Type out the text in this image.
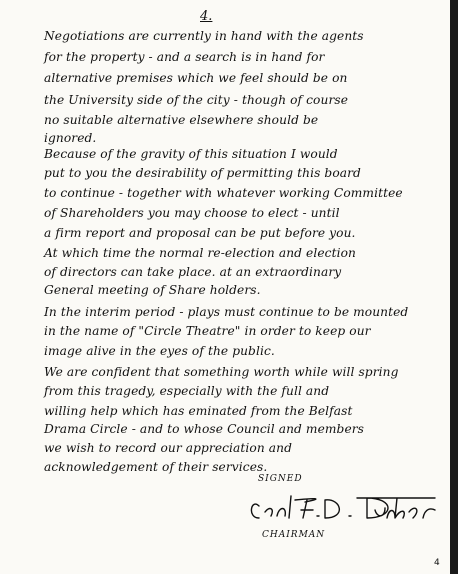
4.
Negotiations are currently in hand with the agents
for the property - and a search is in hand for
alternative premises which we feel should be on
the University side of the city - though of course
no suitable alternative elsewhere should be
ignored.
Because of the gravity of this situation I would
put to you the desirability of permitting this board
to continue - together with whatever working Committee
of Shareholders you may choose to elect - until
a firm report and proposal can be put before you.
At which time the normal re-election and election
of directors can take place. at an extraordinary
General meeting of Share holders.
In the interim period - plays must continue to be mounted
in the name of "Circle Theatre" in order to keep our
image alive in the eyes of the public.
We are confident that something worth while will spring
from this tragedy, especially with the full and
willing help which has eminated from the Belfast
Drama Circle - and to whose Council and members
we wish to record our appreciation and
acknowledgement of their services.
SIGNED
CHAIRMAN
4
